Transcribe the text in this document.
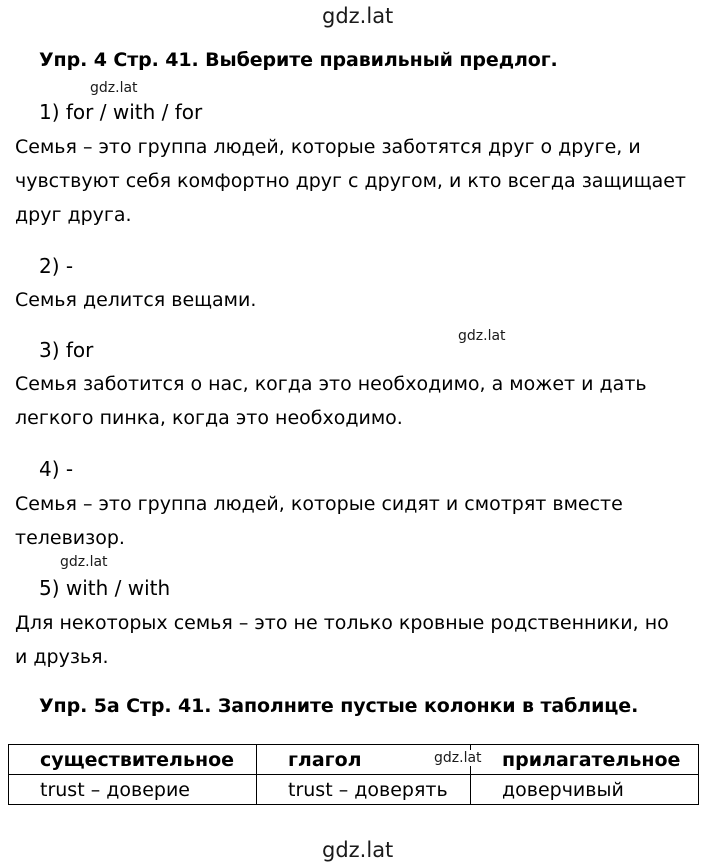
gdz.lat
gdz.lat
gdz.lat
gdz.lat
gdz.lat
gdz.lat
Упр. 4 Стр. 41. Выберите правильный предлог.
1) for / with / for
Семья – это группа людей, которые заботятся друг о друге, и
чувствуют себя комфортно друг с другом, и кто всегда защищает
друг друга.
2) -
Семья делится вещами.
3) for
Семья заботится о нас, когда это необходимо, а может и дать
легкого пинка, когда это необходимо.
4) -
Семья – это группа людей, которые сидят и смотрят вместе
телевизор.
5) with / with
Для некоторых семья – это не только кровные родственники, но
и друзья.
Упр. 5а Стр. 41. Заполните пустые колонки в таблице.
существительное	глагол	прилагательное
trust – доверие	trust – доверять	доверчивый
